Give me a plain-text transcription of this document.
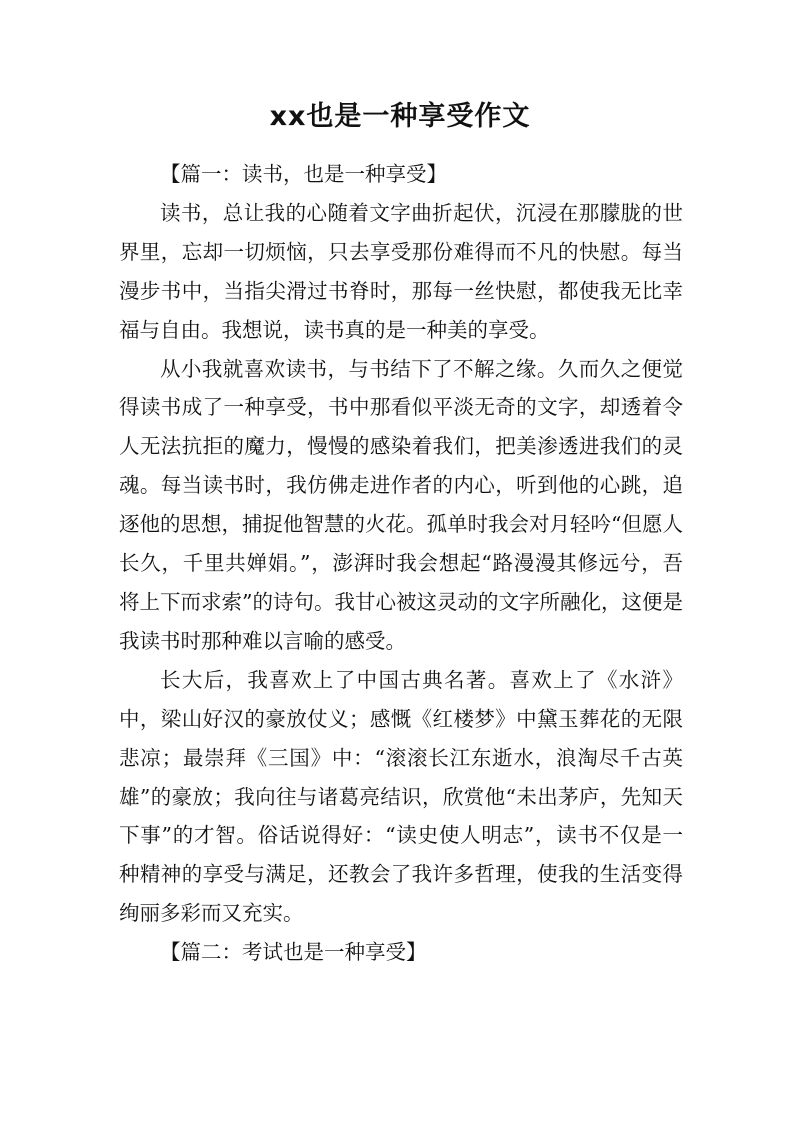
xx也是一种享受作文

【篇一：读书，也是一种享受】

读书，总让我的心随着文字曲折起伏，沉浸在那朦胧的世界里，忘却一切烦恼，只去享受那份难得而不凡的快慰。每当漫步书中，当指尖滑过书脊时，那每一丝快慰，都使我无比幸福与自由。我想说，读书真的是一种美的享受。

从小我就喜欢读书，与书结下了不解之缘。久而久之便觉得读书成了一种享受，书中那看似平淡无奇的文字，却透着令人无法抗拒的魔力，慢慢的感染着我们，把美渗透进我们的灵魂。每当读书时，我仿佛走进作者的内心，听到他的心跳，追逐他的思想，捕捉他智慧的火花。孤单时我会对月轻吟“但愿人长久，千里共婵娟。”，澎湃时我会想起“路漫漫其修远兮，吾将上下而求索”的诗句。我甘心被这灵动的文字所融化，这便是我读书时那种难以言喻的感受。

长大后，我喜欢上了中国古典名著。喜欢上了《水浒》中，梁山好汉的豪放仗义；感慨《红楼梦》中黛玉葬花的无限悲凉；最崇拜《三国》中：“滚滚长江东逝水，浪淘尽千古英雄”的豪放；我向往与诸葛亮结识，欣赏他“未出茅庐，先知天下事”的才智。俗话说得好：“读史使人明志”，读书不仅是一种精神的享受与满足，还教会了我许多哲理，使我的生活变得绚丽多彩而又充实。

【篇二：考试也是一种享受】
